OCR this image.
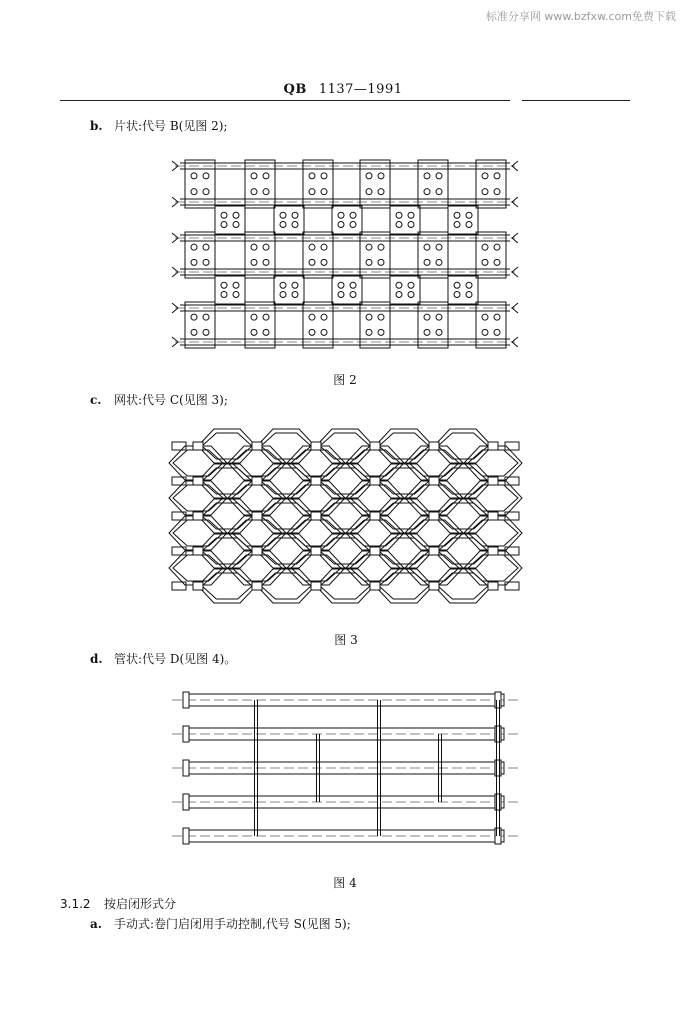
标准分享网 www.bzfxw.com免费下载
QB 1137—1991
b. 片状:代号 B(见图 2);
图 2
c. 网状:代号 C(见图 3);
图 3
d. 管状:代号 D(见图 4)。
图 4
3.1.2 按启闭形式分
a. 手动式:卷门启闭用手动控制,代号 S(见图 5);
